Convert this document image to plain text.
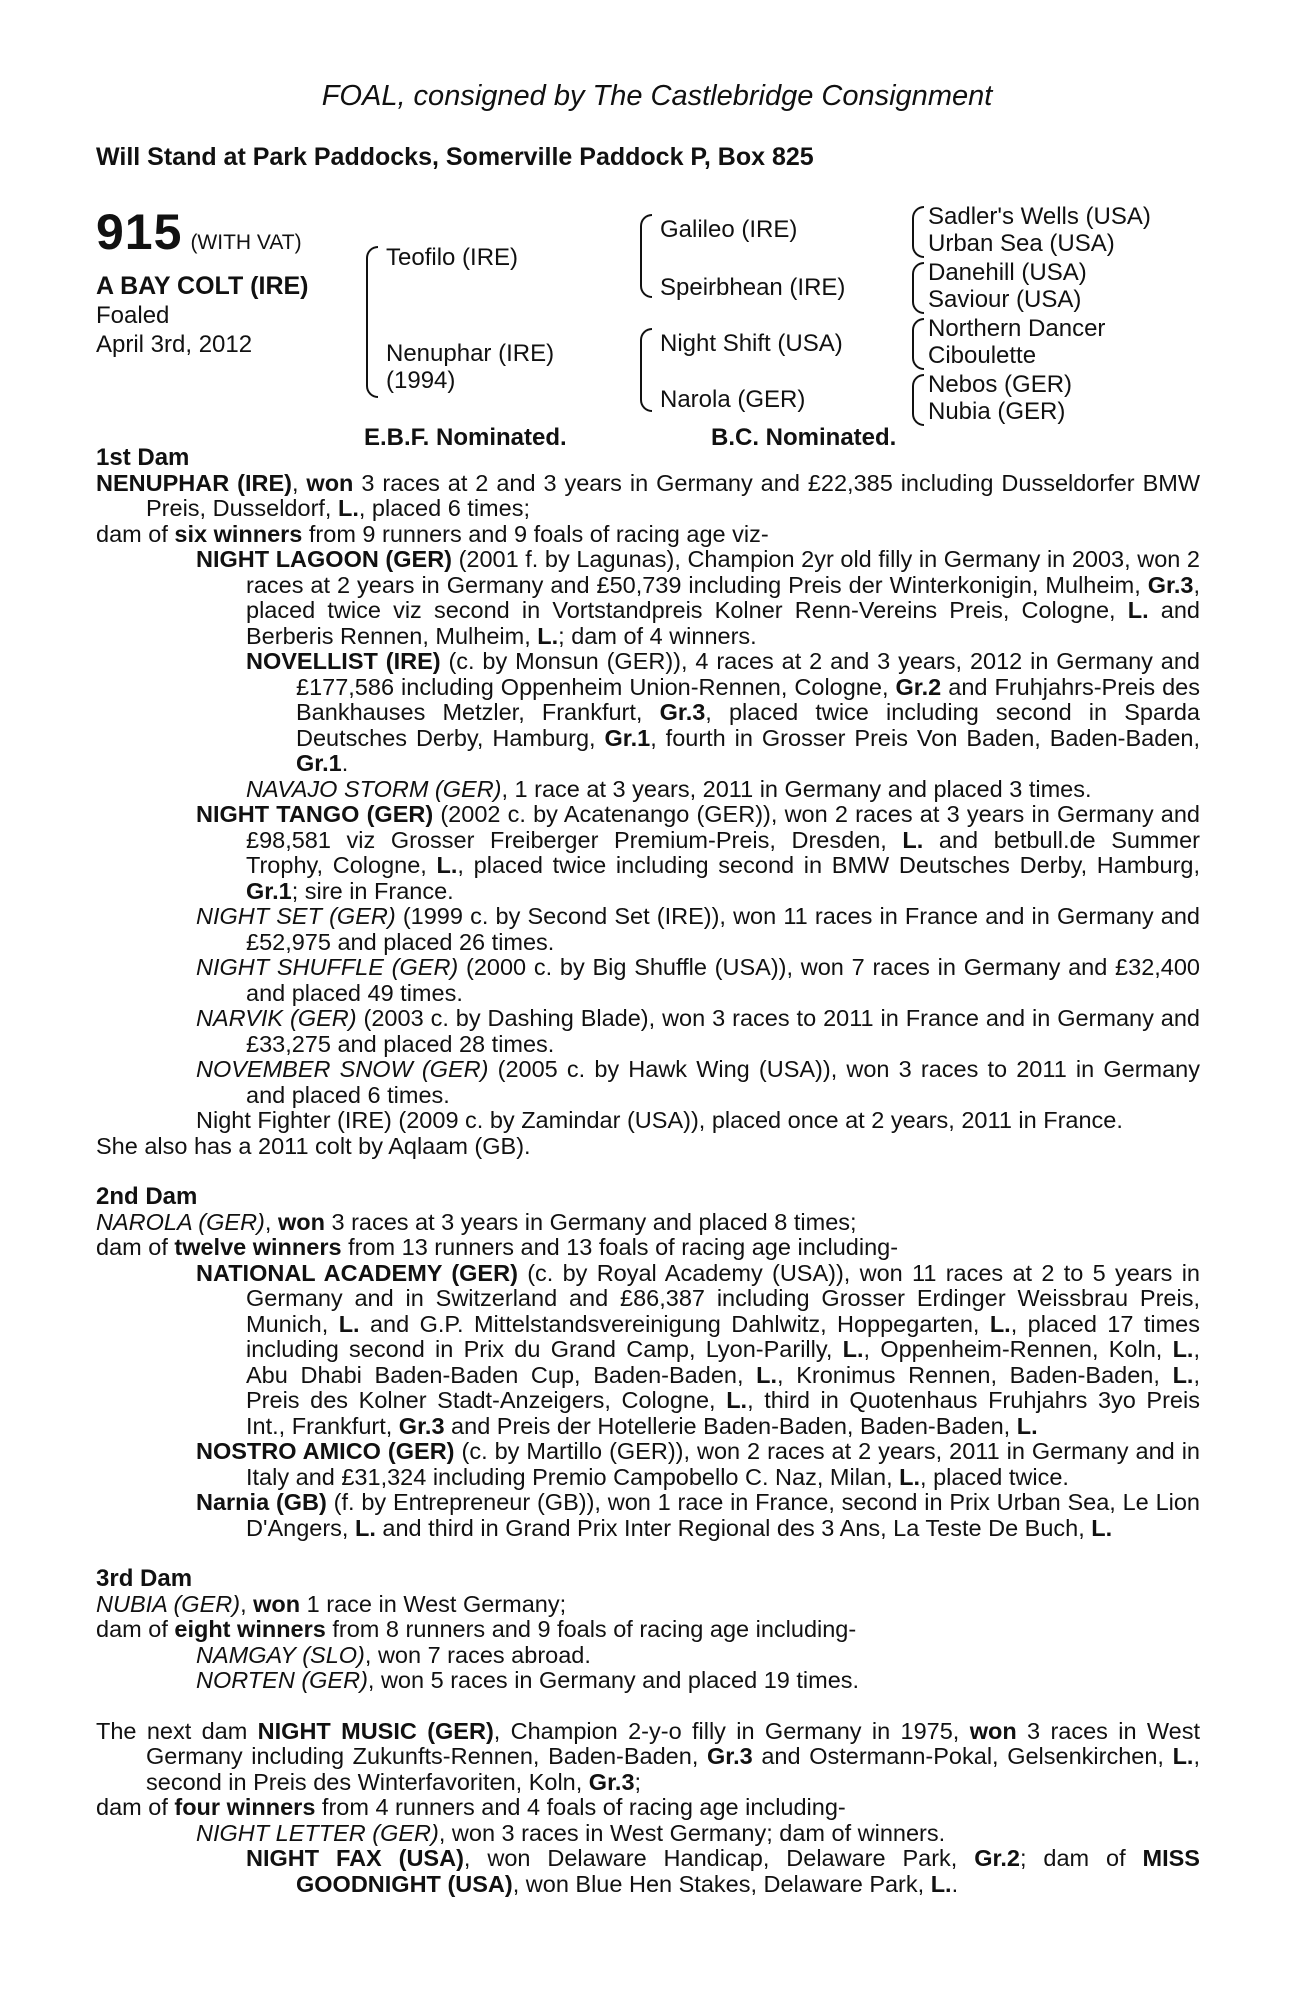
FOAL, consigned by The Castlebridge Consignment
Will Stand at Park Paddocks, Somerville Paddock P, Box 825
915 (WITH VAT)
A BAY COLT (IRE)
Foaled
April 3rd, 2012
Teofilo (IRE)
Nenuphar (IRE)
(1994)
Galileo (IRE)
Speirbhean (IRE)
Night Shift (USA)
Narola (GER)
Sadler's Wells (USA)
Urban Sea (USA)
Danehill (USA)
Saviour (USA)
Northern Dancer
Ciboulette
Nebos (GER)
Nubia (GER)
E.B.F. Nominated.	B.C. Nominated.
1st Dam

NENUPHAR (IRE), won 3 races at 2 and 3 years in Germany and £22,385 including Dusseldorfer BMW Preis, Dusseldorf, L., placed 6 times;

dam of six winners from 9 runners and 9 foals of racing age viz-

NIGHT LAGOON (GER) (2001 f. by Lagunas), Champion 2yr old filly in Germany in 2003, won 2 races at 2 years in Germany and £50,739 including Preis der Winterkonigin, Mulheim, Gr.3, placed twice viz second in Vortstandpreis Kolner Renn-Vereins Preis, Cologne, L. and Berberis Rennen, Mulheim, L.; dam of 4 winners.

NOVELLIST (IRE) (c. by Monsun (GER)), 4 races at 2 and 3 years, 2012 in Germany and £177,586 including Oppenheim Union-Rennen, Cologne, Gr.2 and Fruhjahrs-Preis des Bankhauses Metzler, Frankfurt, Gr.3, placed twice including second in Sparda Deutsches Derby, Hamburg, Gr.1, fourth in Grosser Preis Von Baden, Baden-Baden, Gr.1.

NAVAJO STORM (GER), 1 race at 3 years, 2011 in Germany and placed 3 times.

NIGHT TANGO (GER) (2002 c. by Acatenango (GER)), won 2 races at 3 years in Germany and £98,581 viz Grosser Freiberger Premium-Preis, Dresden, L. and betbull.de Summer Trophy, Cologne, L., placed twice including second in BMW Deutsches Derby, Hamburg, Gr.1; sire in France.

NIGHT SET (GER) (1999 c. by Second Set (IRE)), won 11 races in France and in Germany and £52,975 and placed 26 times.

NIGHT SHUFFLE (GER) (2000 c. by Big Shuffle (USA)), won 7 races in Germany and £32,400 and placed 49 times.

NARVIK (GER) (2003 c. by Dashing Blade), won 3 races to 2011 in France and in Germany and £33,275 and placed 28 times.

NOVEMBER SNOW (GER) (2005 c. by Hawk Wing (USA)), won 3 races to 2011 in Germany and placed 6 times.

Night Fighter (IRE) (2009 c. by Zamindar (USA)), placed once at 2 years, 2011 in France.

She also has a 2011 colt by Aqlaam (GB).

2nd Dam

NAROLA (GER), won 3 races at 3 years in Germany and placed 8 times;

dam of twelve winners from 13 runners and 13 foals of racing age including-

NATIONAL ACADEMY (GER) (c. by Royal Academy (USA)), won 11 races at 2 to 5 years in Germany and in Switzerland and £86,387 including Grosser Erdinger Weissbrau Preis, Munich, L. and G.P. Mittelstandsvereinigung Dahlwitz, Hoppegarten, L., placed 17 times including second in Prix du Grand Camp, Lyon-Parilly, L., Oppenheim-Rennen, Koln, L., Abu Dhabi Baden-Baden Cup, Baden-Baden, L., Kronimus Rennen, Baden-Baden, L., Preis des Kolner Stadt-Anzeigers, Cologne, L., third in Quotenhaus Fruhjahrs 3yo Preis Int., Frankfurt, Gr.3 and Preis der Hotellerie Baden-Baden, Baden-Baden, L.

NOSTRO AMICO (GER) (c. by Martillo (GER)), won 2 races at 2 years, 2011 in Germany and in Italy and £31,324 including Premio Campobello C. Naz, Milan, L., placed twice.

Narnia (GB) (f. by Entrepreneur (GB)), won 1 race in France, second in Prix Urban Sea, Le Lion D'Angers, L. and third in Grand Prix Inter Regional des 3 Ans, La Teste De Buch, L.

3rd Dam

NUBIA (GER), won 1 race in West Germany;

dam of eight winners from 8 runners and 9 foals of racing age including-

NAMGAY (SLO), won 7 races abroad.

NORTEN (GER), won 5 races in Germany and placed 19 times.

The next dam NIGHT MUSIC (GER), Champion 2-y-o filly in Germany in 1975, won 3 races in West Germany including Zukunfts-Rennen, Baden-Baden, Gr.3 and Ostermann-Pokal, Gelsenkirchen, L., second in Preis des Winterfavoriten, Koln, Gr.3;

dam of four winners from 4 runners and 4 foals of racing age including-

NIGHT LETTER (GER), won 3 races in West Germany; dam of winners.

NIGHT FAX (USA), won Delaware Handicap, Delaware Park, Gr.2; dam of MISS GOODNIGHT (USA), won Blue Hen Stakes, Delaware Park, L..
